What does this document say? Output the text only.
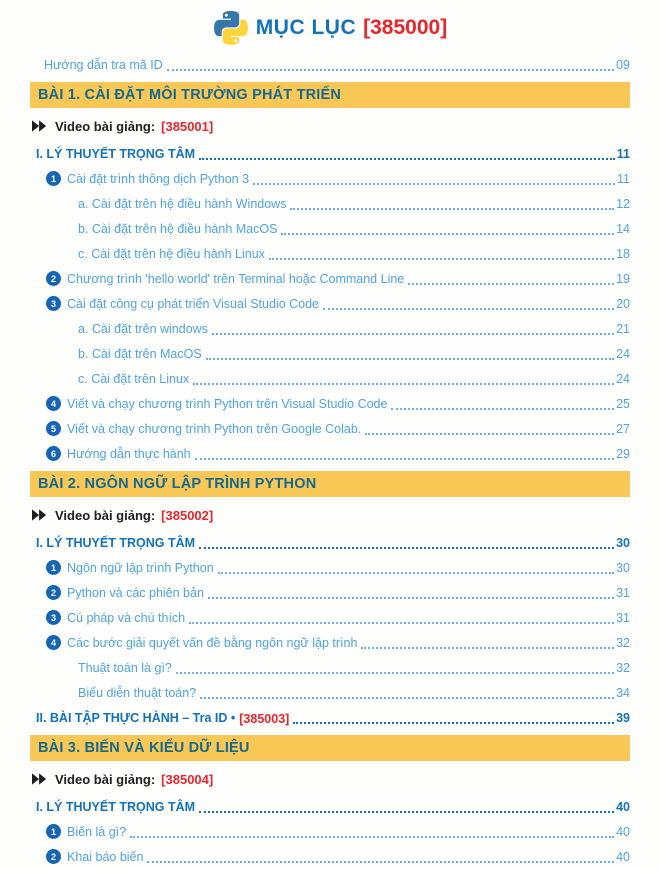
MỤC LỤC [385000]
Hướng dẫn tra mã ID	09
BÀI 1. CÀI ĐẶT MÔI TRƯỜNG PHÁT TRIỂN
Video bài giảng: [385001]
I. LÝ THUYẾT TRỌNG TÂM	11
1 Cài đặt trình thông dịch Python 3	11
a. Cài đặt trên hệ điều hành Windows	12
b. Cài đặt trên hệ điều hành MacOS	14
c. Cài đặt trên hệ điều hành Linux	18
2 Chương trình 'hello world' trên Terminal hoặc Command Line	19
3 Cài đặt công cụ phát triển Visual Studio Code	20
a. Cài đặt trên windows	21
b. Cài đặt trên MacOS	24
c. Cài đặt trên Linux	24
4 Viết và chạy chương trình Python trên Visual Studio Code	25
5 Viết và chạy chương trình Python trên Google Colab.	27
6 Hướng dẫn thực hành	29
BÀI 2. NGÔN NGỮ LẬP TRÌNH PYTHON
Video bài giảng: [385002]
I. LÝ THUYẾT TRỌNG TÂM	30
1 Ngôn ngữ lập trình Python	30
2 Python và các phiên bản	31
3 Cú pháp và chú thích	31
4 Các bước giải quyết vấn đề bằng ngôn ngữ lập trình	32
Thuật toán là gì?	32
Biểu diễn thuật toán?	34
II. BÀI TẬP THỰC HÀNH – Tra ID • [385003]	39
BÀI 3. BIẾN VÀ KIỂU DỮ LIỆU
Video bài giảng: [385004]
I. LÝ THUYẾT TRỌNG TÂM	40
1 Biến là gì?	40
2 Khai báo biến	40
